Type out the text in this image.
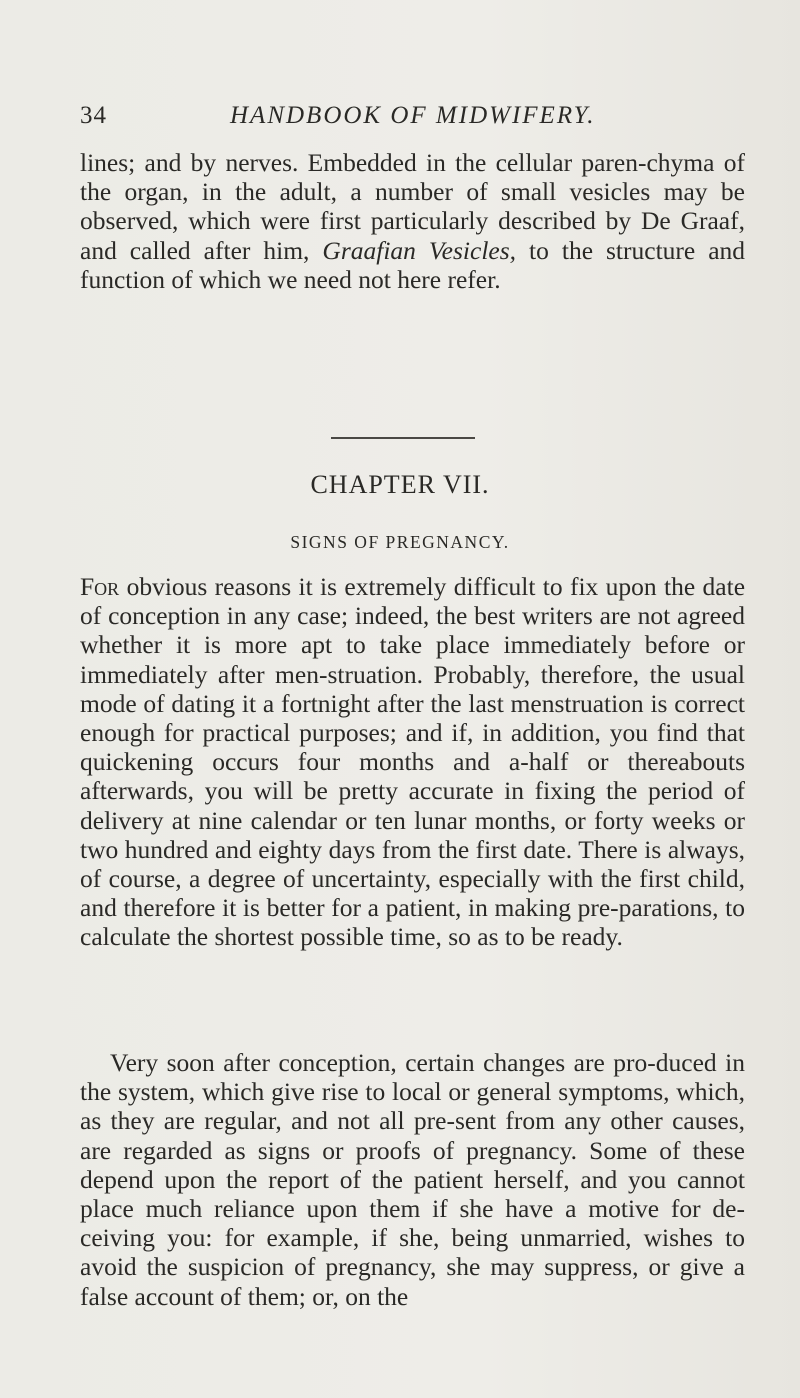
34	HANDBOOK OF MIDWIFERY.

lines; and by nerves. Embedded in the cellular paren-chyma of the organ, in the adult, a number of small vesicles may be observed, which were first particularly described by De Graaf, and called after him, Graafian Vesicles, to the structure and function of which we need not here refer.

CHAPTER VII.
SIGNS OF PREGNANCY.

For obvious reasons it is extremely difficult to fix upon the date of conception in any case; indeed, the best writers are not agreed whether it is more apt to take place immediately before or immediately after men-struation. Probably, therefore, the usual mode of dating it a fortnight after the last menstruation is correct enough for practical purposes; and if, in addition, you find that quickening occurs four months and a-half or thereabouts afterwards, you will be pretty accurate in fixing the period of delivery at nine calendar or ten lunar months, or forty weeks or two hundred and eighty days from the first date. There is always, of course, a degree of uncertainty, especially with the first child, and therefore it is better for a patient, in making pre-parations, to calculate the shortest possible time, so as to be ready.

Very soon after conception, certain changes are pro-duced in the system, which give rise to local or general symptoms, which, as they are regular, and not all pre-sent from any other causes, are regarded as signs or proofs of pregnancy. Some of these depend upon the report of the patient herself, and you cannot place much reliance upon them if she have a motive for de-ceiving you: for example, if she, being unmarried, wishes to avoid the suspicion of pregnancy, she may suppress, or give a false account of them; or, on the
